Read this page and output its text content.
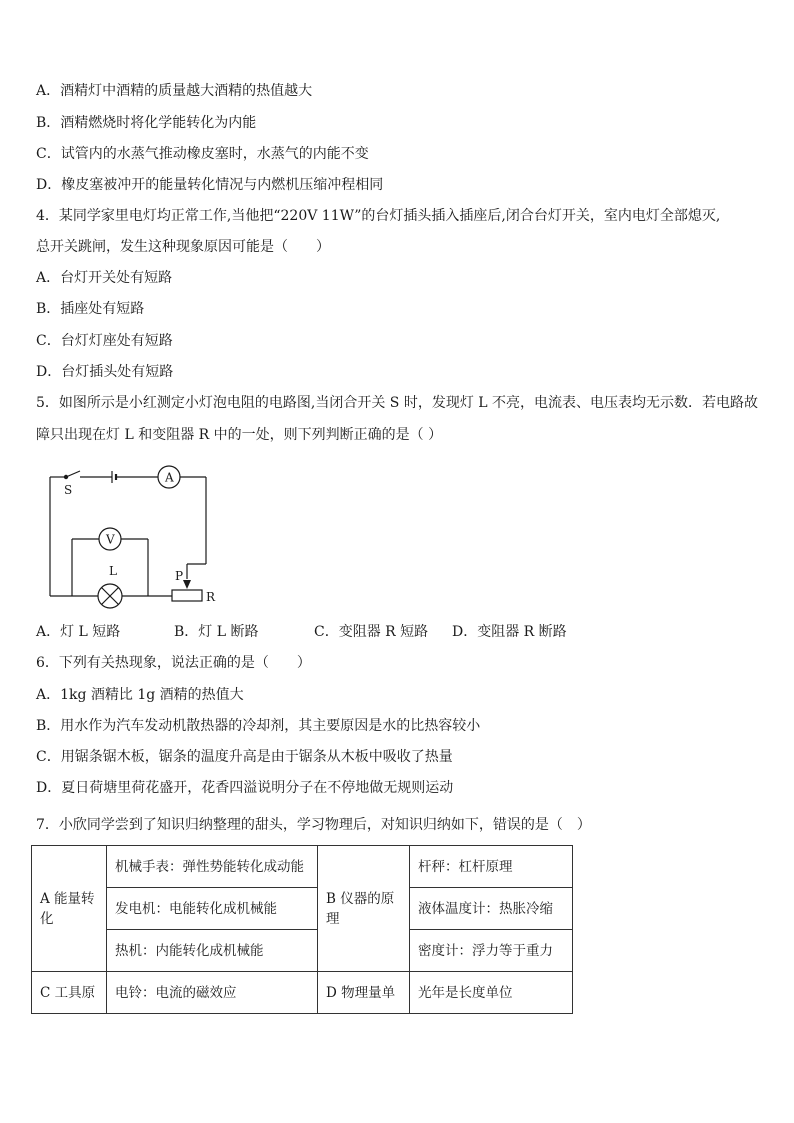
A．酒精灯中酒精的质量越大酒精的热值越大
B．酒精燃烧时将化学能转化为内能
C．试管内的水蒸气推动橡皮塞时，水蒸气的内能不变
D．橡皮塞被冲开的能量转化情况与内燃机压缩冲程相同
4．某同学家里电灯均正常工作,当他把“220V 11W”的台灯插头插入插座后,闭合台灯开关，室内电灯全部熄灭,
总开关跳闸，发生这种现象原因可能是（　　）
A．台灯开关处有短路
B．插座处有短路
C．台灯灯座处有短路
D．台灯插头处有短路
5．如图所示是小红测定小灯泡电阻的电路图,当闭合开关 S 时，发现灯 L 不亮，电流表、电压表均无示数．若电路故
障只出现在灯 L 和变阻器 R 中的一处，则下列判断正确的是（ ）
S
A
V
L	P
R
A．灯 L 短路	B．灯 L 断路	C．变阻器 R 短路 D．变阻器 R 断路
6．下列有关热现象，说法正确的是（　　）
A．1kg 酒精比 1g 酒精的热值大
B．用水作为汽车发动机散热器的冷却剂，其主要原因是水的比热容较小
C．用锯条锯木板，锯条的温度升高是由于锯条从木板中吸收了热量
D．夏日荷塘里荷花盛开，花香四溢说明分子在不停地做无规则运动
7．小欣同学尝到了知识归纳整理的甜头，学习物理后，对知识归纳如下，错误的是（　）
A 能量转化	机械手表：弹性势能转化成动能	B 仪器的原理	杆秤：杠杆原理
	发电机：电能转化成机械能		液体温度计：热胀冷缩
	热机：内能转化成机械能		密度计：浮力等于重力
C 工具原	电铃：电流的磁效应	D 物理量单	光年是长度单位
